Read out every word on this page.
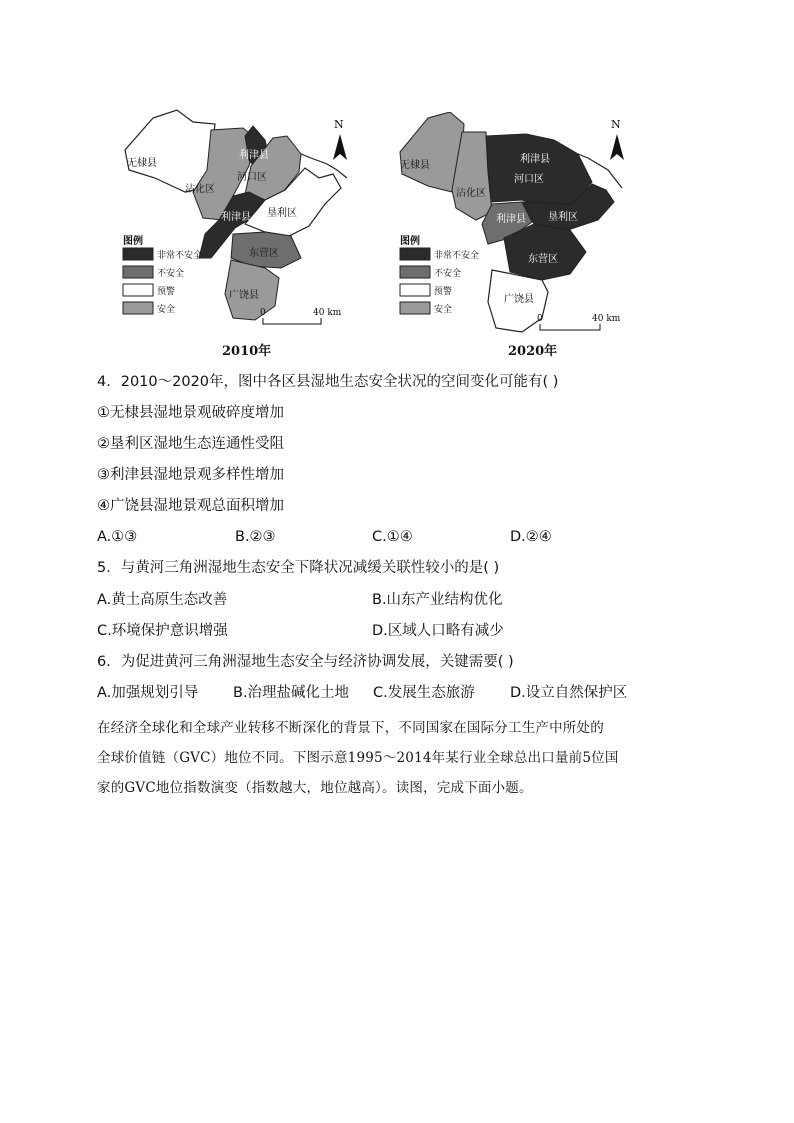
无棣县
沾化区
利津县
河口区
利津县 垦利区
东营区
广饶县
N
图例
非常不安全
不安全
预警
安全	0	40 km
2010年
无棣县
沾化区
利津县
河口区
利津县 垦利区
东营区
广饶县
N
图例
非常不安全
不安全
预警
安全
0	40 km
2020年
4．2010～2020年，图中各区县湿地生态安全状况的空间变化可能有( )
①无棣县湿地景观破碎度增加
②垦利区湿地生态连通性受阻
③利津县湿地景观多样性增加
④广饶县湿地景观总面积增加
A.①③	B.②③	C.①④	D.②④
5．与黄河三角洲湿地生态安全下降状况减缓关联性较小的是( )
A.黄土高原生态改善	B.山东产业结构优化
C.环境保护意识增强	D.区域人口略有减少
6．为促进黄河三角洲湿地生态安全与经济协调发展，关键需要( )
A.加强规划引导 B.治理盐碱化土地 C.发展生态旅游 D.设立自然保护区
在经济全球化和全球产业转移不断深化的背景下，不同国家在国际分工生产中所处的
全球价值链（GVC）地位不同。下图示意1995～2014年某行业全球总出口量前5位国
家的GVC地位指数演变（指数越大，地位越高）。读图，完成下面小题。
